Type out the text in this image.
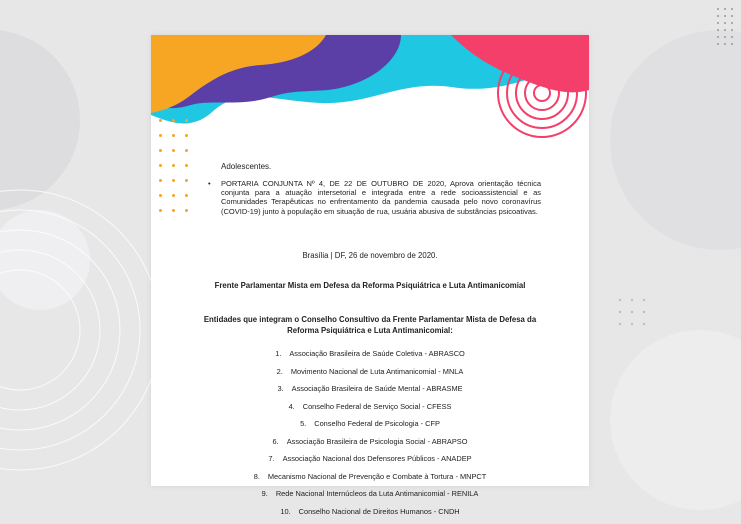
Adolescentes.
• PORTARIA CONJUNTA Nº 4, DE 22 DE OUTUBRO DE 2020, Aprova orientação técnica conjunta para a atuação intersetorial e integrada entre a rede socioassistencial e as Comunidades Terapêuticas no enfrentamento da pandemia causada pelo novo coronavírus (COVID-19) junto à população em situação de rua, usuária abusiva de substâncias psicoativas.
Brasília | DF, 26 de novembro de 2020.
Frente Parlamentar Mista em Defesa da Reforma Psiquiátrica e Luta Antimanicomial
Entidades que integram o Conselho Consultivo da Frente Parlamentar Mista de Defesa da
Reforma Psiquiátrica e Luta Antimanicomial:
1. Associação Brasileira de Saúde Coletiva - ABRASCO
2. Movimento Nacional de Luta Antimanicomial - MNLA
3. Associação Brasileira de Saúde Mental - ABRASME
4. Conselho Federal de Serviço Social - CFESS
5. Conselho Federal de Psicologia - CFP
6. Associação Brasileira de Psicologia Social - ABRAPSO
7. Associação Nacional dos Defensores Públicos - ANADEP
8. Mecanismo Nacional de Prevenção e Combate à Tortura - MNPCT
9. Rede Nacional Internúcleos da Luta Antimanicomial - RENILA
10. Conselho Nacional de Direitos Humanos - CNDH
